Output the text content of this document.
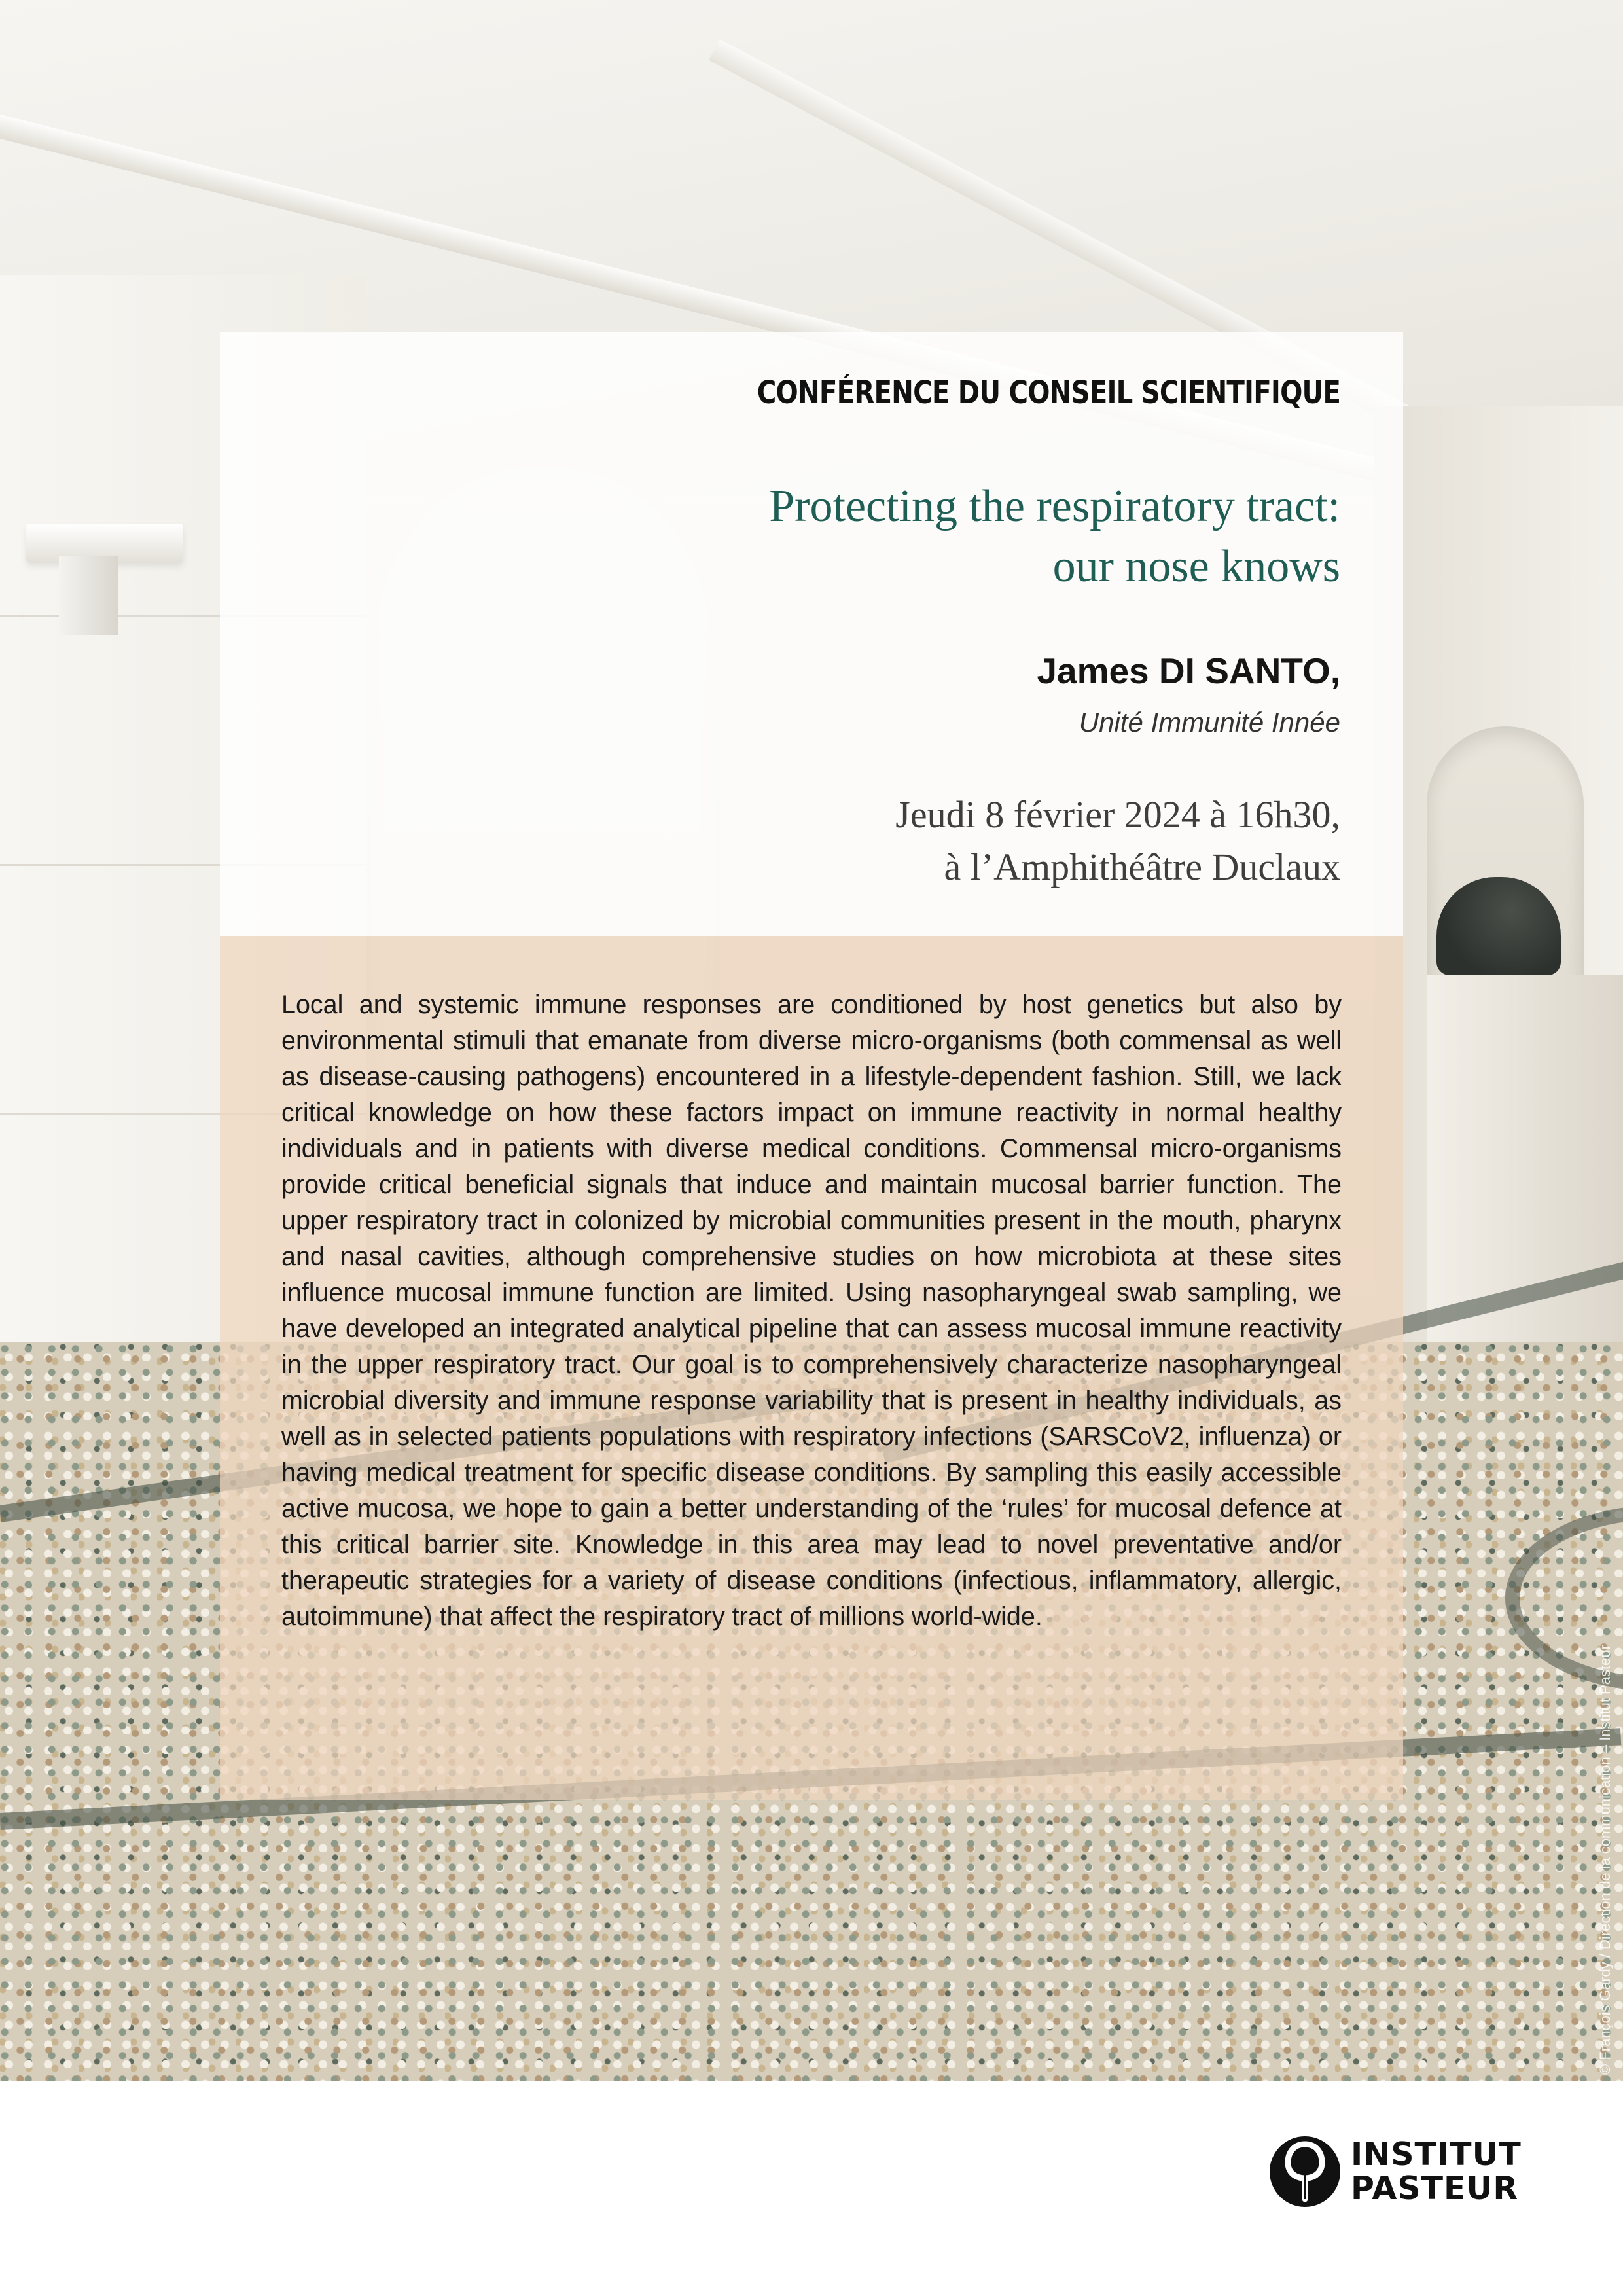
CONFÉRENCE DU CONSEIL SCIENTIFIQUE

Protecting the respiratory tract:
our nose knows

James DI SANTO,

Unité Immunité Innée

Jeudi 8 février 2024 à 16h30,
à l’Amphithéâtre Duclaux

Local and systemic immune responses are conditioned by host genetics but also by environmental stimuli that emanate from diverse micro-organisms (both commensal as well as disease-causing pathogens) encountered in a lifestyle-dependent fashion. Still, we lack critical knowledge on how these factors impact on immune reactivity in normal healthy individuals and in patients with diverse medical conditions. Commensal micro-organisms provide critical beneficial signals that induce and maintain mucosal barrier function. The upper respiratory tract in colonized by microbial communities present in the mouth, pharynx and nasal cavities, although comprehensive studies on how microbiota at these sites influence mucosal immune function are limited. Using nasopharyngeal swab sampling, we have developed an integrated analytical pipeline that can assess mucosal immune reactivity in the upper respiratory tract. Our goal is to comprehensively characterize nasopharyngeal microbial diversity and immune response variability that is present in healthy individuals, as well as in selected patients populations with respiratory infections (SARSCoV2, influenza) or having medical treatment for specific disease conditions. By sampling this easily accessible active mucosa, we hope to gain a better understanding of the ‘rules’ for mucosal defence at this critical barrier site. Knowledge in this area may lead to novel preventative and/or therapeutic strategies for a variety of disease conditions (infectious, inflammatory, allergic, autoimmune) that affect the respiratory tract of millions world-wide.

© François Gardy / Direction de la communication – Institut Pasteur
INSTITUT
PASTEUR
